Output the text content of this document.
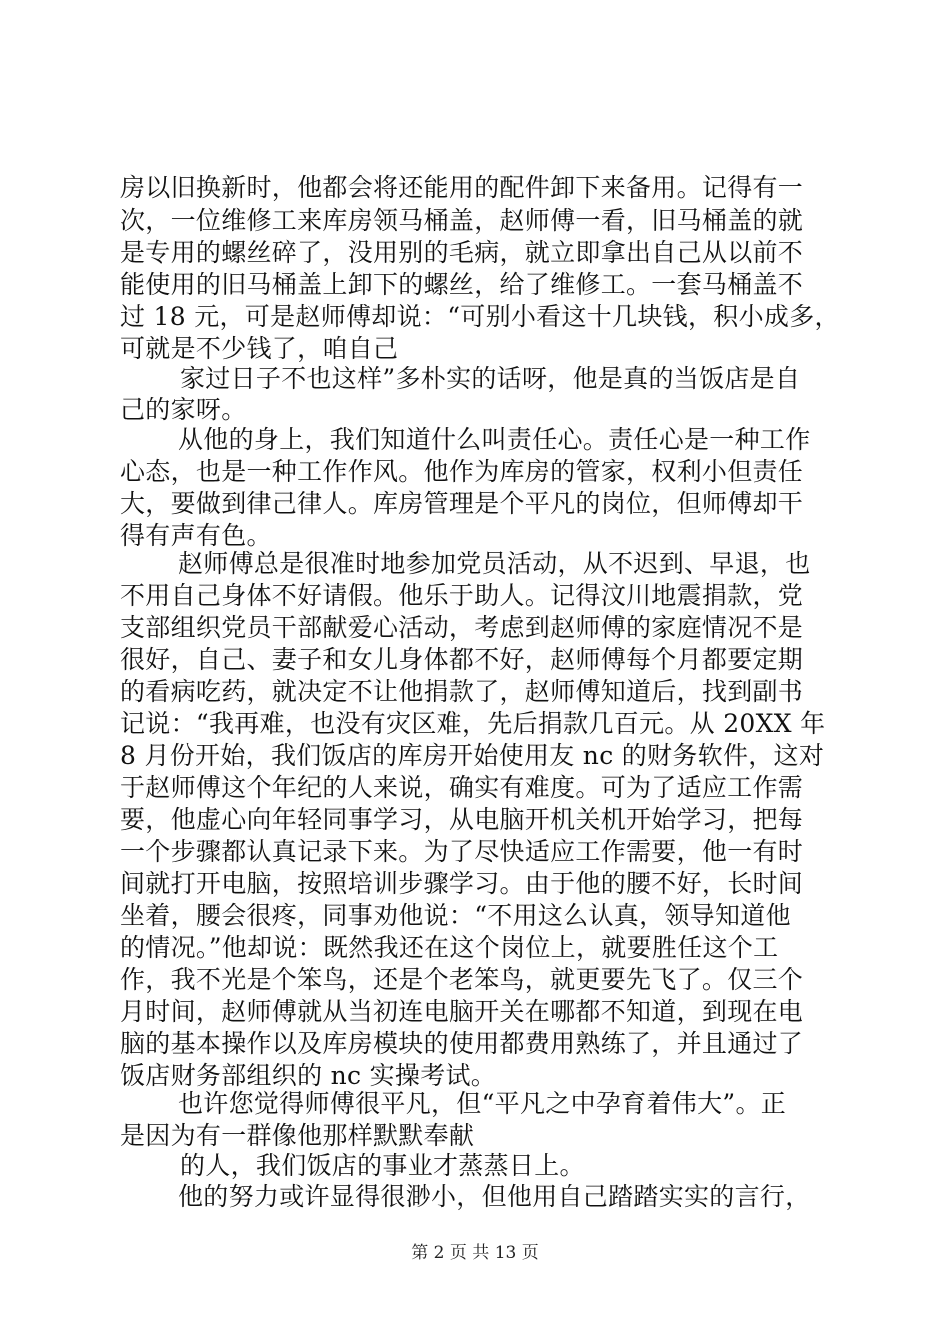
房以旧换新时，他都会将还能用的配件卸下来备用。记得有一
次，一位维修工来库房领马桶盖，赵师傅一看，旧马桶盖的就
是专用的螺丝碎了，没用别的毛病，就立即拿出自己从以前不
能使用的旧马桶盖上卸下的螺丝，给了维修工。一套马桶盖不
过 18 元，可是赵师傅却说：“可别小看这十几块钱，积小成多，
可就是不少钱了，咱自己
家过日子不也这样”多朴实的话呀，他是真的当饭店是自
己的家呀。
从他的身上，我们知道什么叫责任心。责任心是一种工作
心态，也是一种工作作风。他作为库房的管家，权利小但责任
大，要做到律己律人。库房管理是个平凡的岗位，但师傅却干
得有声有色。
赵师傅总是很准时地参加党员活动，从不迟到、早退，也
不用自己身体不好请假。他乐于助人。记得汶川地震捐款，党
支部组织党员干部献爱心活动，考虑到赵师傅的家庭情况不是
很好，自己、妻子和女儿身体都不好，赵师傅每个月都要定期
的看病吃药，就决定不让他捐款了，赵师傅知道后，找到副书
记说：“我再难，也没有灾区难，先后捐款几百元。从 20XX 年
8 月份开始，我们饭店的库房开始使用友 nc 的财务软件，这对
于赵师傅这个年纪的人来说，确实有难度。可为了适应工作需
要，他虚心向年轻同事学习，从电脑开机关机开始学习，把每
一个步骤都认真记录下来。为了尽快适应工作需要，他一有时
间就打开电脑，按照培训步骤学习。由于他的腰不好，长时间
坐着，腰会很疼，同事劝他说：“不用这么认真，领导知道他
的情况。”他却说：既然我还在这个岗位上，就要胜任这个工
作，我不光是个笨鸟，还是个老笨鸟，就更要先飞了。仅三个
月时间，赵师傅就从当初连电脑开关在哪都不知道，到现在电
脑的基本操作以及库房模块的使用都费用熟练了，并且通过了
饭店财务部组织的 nc 实操考试。
也许您觉得师傅很平凡，但“平凡之中孕育着伟大”。正
是因为有一群像他那样默默奉献
的人，我们饭店的事业才蒸蒸日上。
他的努力或许显得很渺小，但他用自己踏踏实实的言行，
第 2 页 共 13 页
